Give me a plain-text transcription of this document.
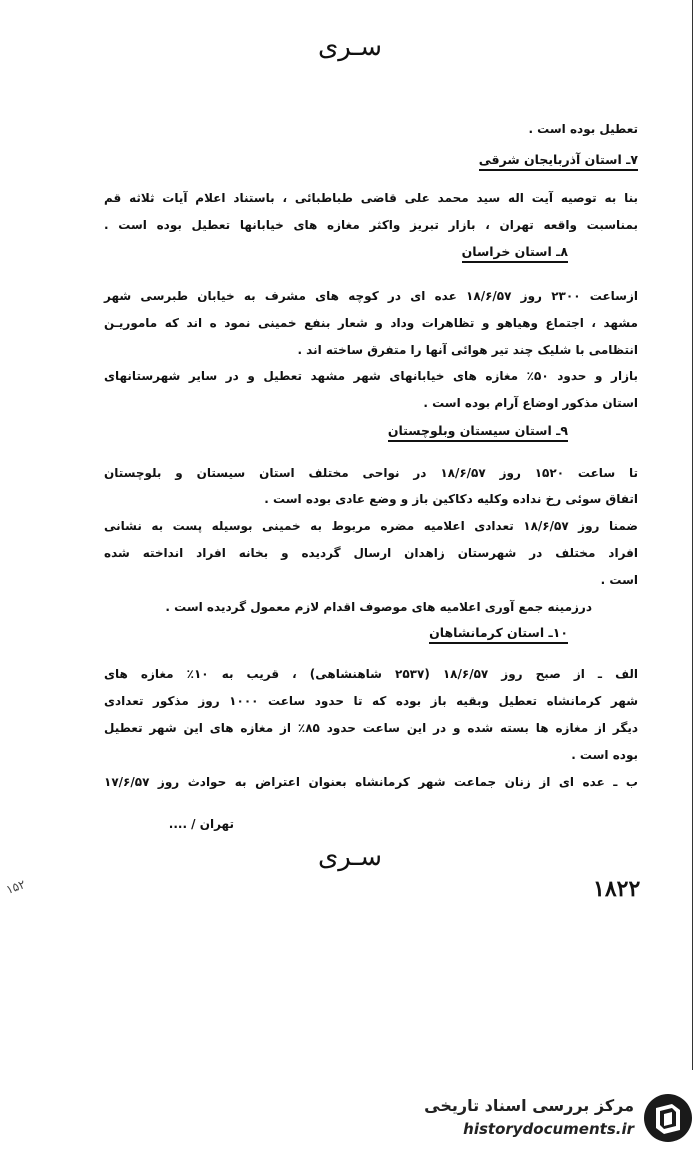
۱۵۲
سـری
تعطیل بوده است .
۷ـ استان آذربایجان شرقی
بنا به توصیه آیت اله سید محمد علی قاضی طباطبائی ، باستناد اعلام آیات ثلاثه قم
بمناسبت واقعه تهران ، بازار تبریز واکثر مغازه های خیابانها تعطیل بوده است .
۸ـ استان خراسان
ازساعت ۲۳۰۰ روز ۱۸/۶/۵۷ عده ای در کوچه های مشرف به خیابان طبرسی شهر
مشهد ، اجتماع وهیاهو و تظاهرات وداد و شعار بنفع خمینی نمود ه اند که ماموریـن
انتظامی با شلیک چند تیر هوائی آنها را متفرق ساخته اند .
بازار و حدود ۵۰٪ مغازه های خیابانهای شهر مشهد تعطیل و در سایر شهرستانهای
استان مذکور اوضاع آرام بوده است .
۹ـ استان سیستان وبلوچستان
تا ساعت ۱۵۲۰ روز ۱۸/۶/۵۷ در نواحی مختلف استان سیستان و بلوچستان
اتفاق سوئی رخ نداده وکلیه دکاکین باز و وضع عادی بوده است .
ضمنا روز ۱۸/۶/۵۷ تعدادی اعلامیه مضره مربوط به خمینی بوسیله پست به نشانی
افراد مختلف در شهرستان زاهدان ارسال گردیده و بخانه افراد انداخته شده
است .
درزمینه جمع آوری اعلامیه های موصوف اقدام لازم معمول گردیده است .
۱۰ـ استان کرمانشاهان
الف ـ از صبح روز ۱۸/۶/۵۷ (۲۵۳۷ شاهنشاهی) ، قریب به ۱۰٪ مغازه های
شهر کرمانشاه تعطیل وبقیه باز بوده که تا حدود ساعت ۱۰۰۰ روز مذکور تعدادی
دیگر از مغازه ها بسته شده و در این ساعت حدود ۸۵٪ از مغازه های این شهر تعطیل
بوده است .
ب ـ عده ای از زنان جماعت شهر کرمانشاه بعنوان اعتراض به حوادث روز ۱۷/۶/۵۷
تهران / ....
سـری
۱۸۲۲
مرکز بررسی اسناد تاریخی
historydocuments.ir
